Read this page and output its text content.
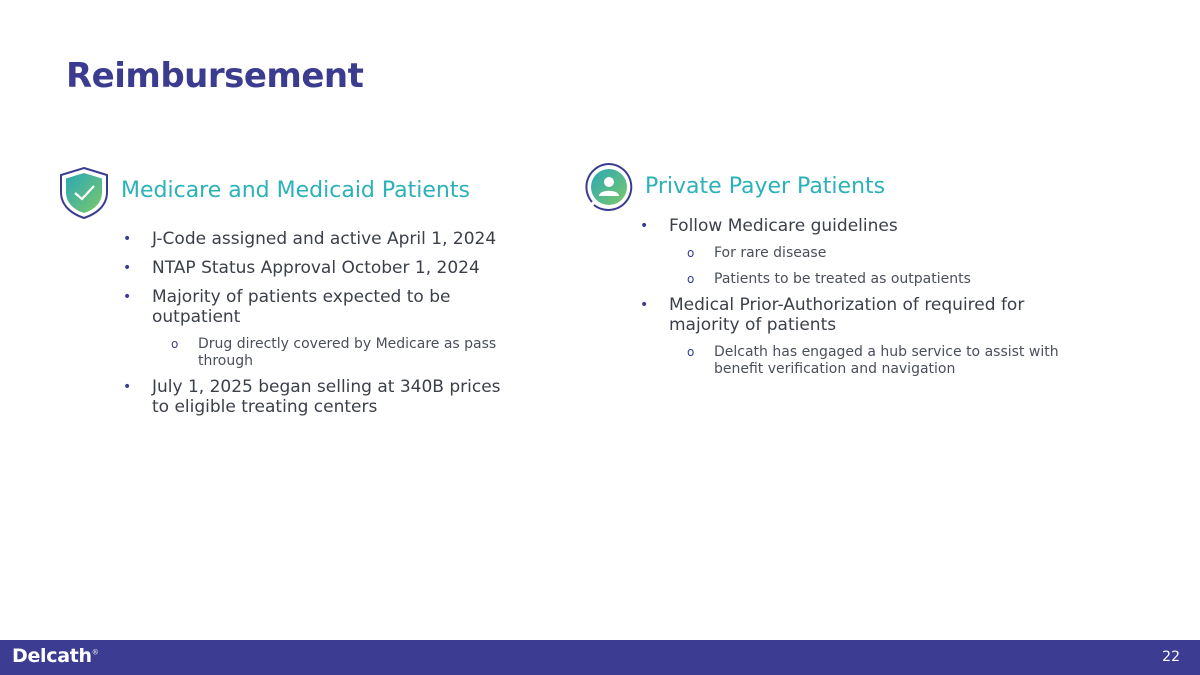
Reimbursement
Medicare and Medicaid Patients
• J-Code assigned and active April 1, 2024
• NTAP Status Approval October 1, 2024
• Majority of patients expected to be
outpatient
o Drug directly covered by Medicare as pass
through
• July 1, 2025 began selling at 340B prices
to eligible treating centers
Private Payer Patients
• Follow Medicare guidelines
o For rare disease
o Patients to be treated as outpatients
• Medical Prior-Authorization of required for
majority of patients
o Delcath has engaged a hub service to assist with
benefit verification and navigation
Delcath®	22
